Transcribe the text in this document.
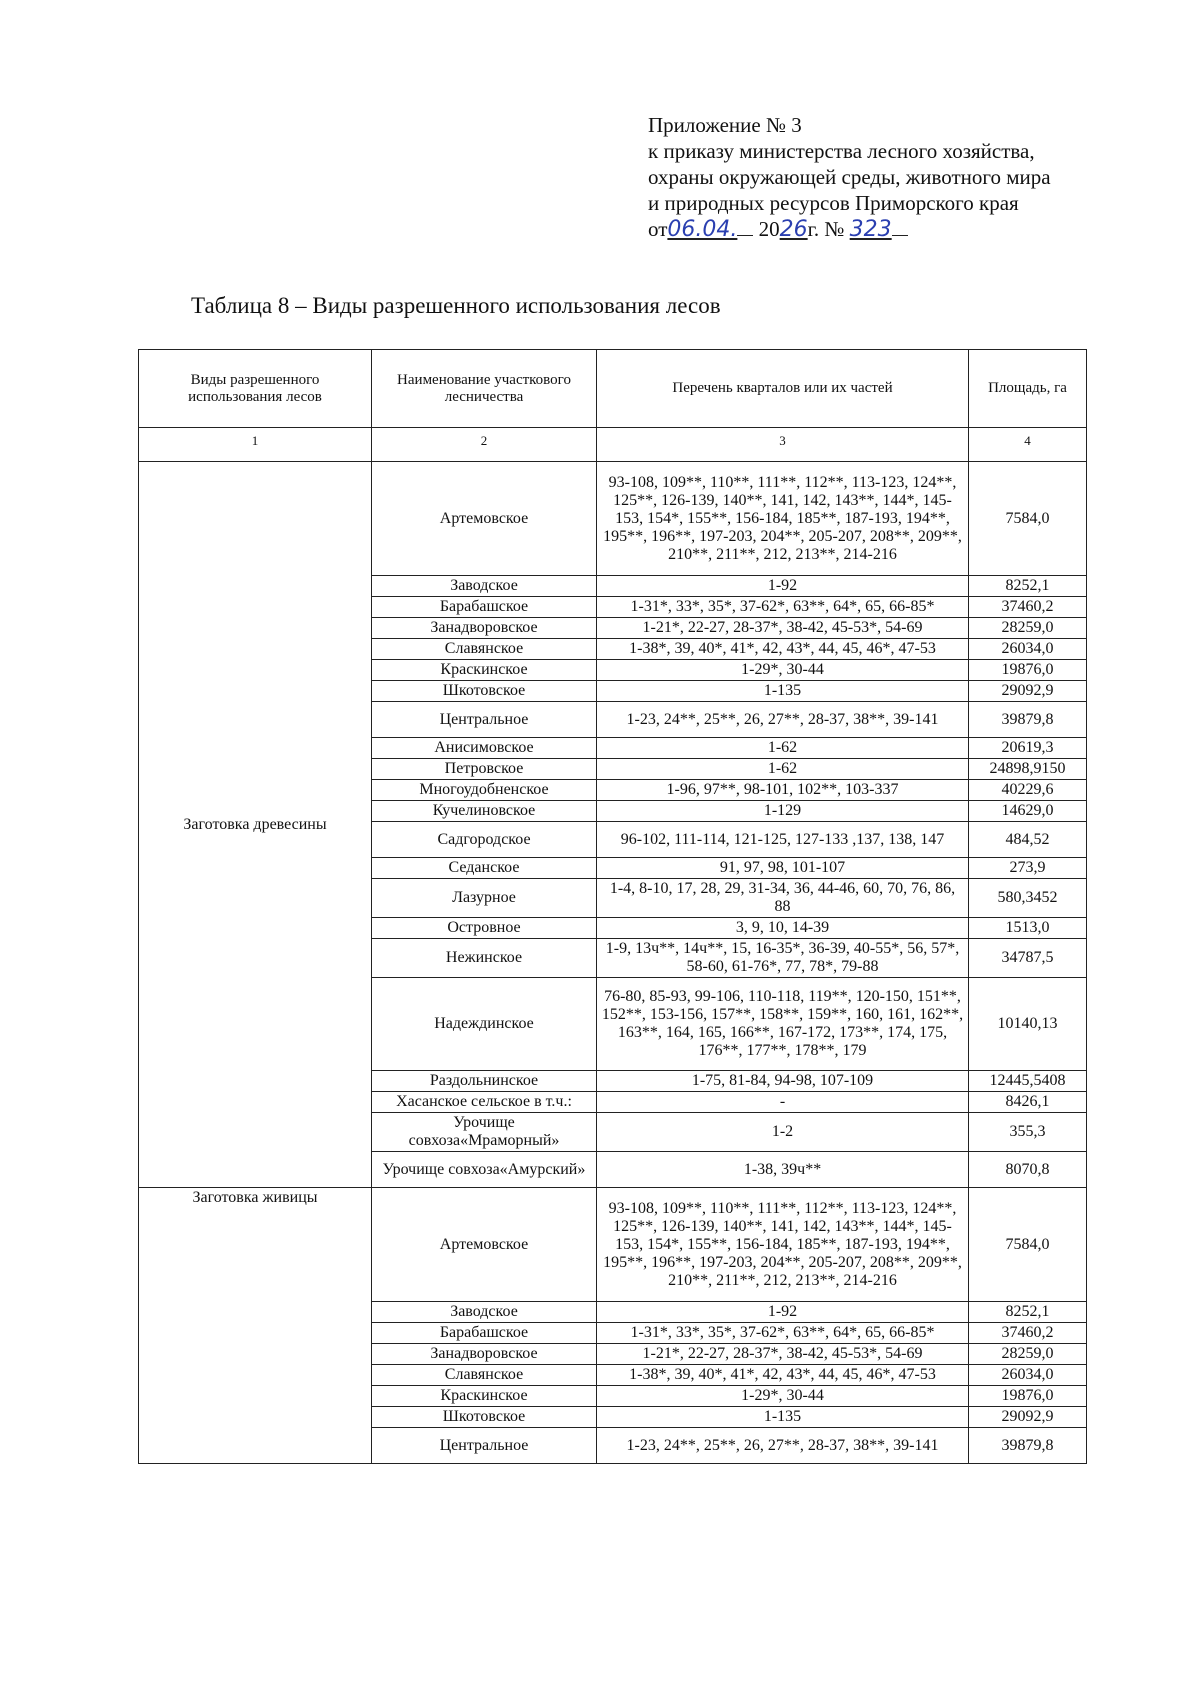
Приложение № 3
к приказу министерства лесного хозяйства,
охраны окружающей среды, животного мира
и природных ресурсов Приморского края
от06.04. 2026г. № 323
Таблица 8 – Виды разрешенного использования лесов
Виды разрешенного использования лесов	Наименование участкового лесничества	Перечень кварталов или их частей	Площадь, га
1	2	3	4
Заготовка древесины	Артемовское	93-108, 109**, 110**, 111**, 112**, 113-123, 124**, 125**, 126-139, 140**, 141, 142, 143**, 144*, 145-153, 154*, 155**, 156-184, 185**, 187-193, 194**, 195**, 196**, 197-203, 204**, 205-207, 208**, 209**, 210**, 211**, 212, 213**, 214-216	7584,0
	Заводское	1-92	8252,1
	Барабашское	1-31*, 33*, 35*, 37-62*, 63**, 64*, 65, 66-85*	37460,2
	Занадворовское	1-21*, 22-27, 28-37*, 38-42, 45-53*, 54-69	28259,0
	Славянское	1-38*, 39, 40*, 41*, 42, 43*, 44, 45, 46*, 47-53	26034,0
	Краскинское	1-29*, 30-44	19876,0
	Шкотовское	1-135	29092,9
	Центральное	1-23, 24**, 25**, 26, 27**, 28-37, 38**, 39-141	39879,8
	Анисимовское	1-62	20619,3
	Петровское	1-62	24898,9150
	Многоудобненское	1-96, 97**, 98-101, 102**, 103-337	40229,6
	Кучелиновское	1-129	14629,0
	Садгородское	96-102, 111-114, 121-125, 127-133 ,137, 138, 147	484,52
	Седанское	91, 97, 98, 101-107	273,9
	Лазурное	1-4, 8-10, 17, 28, 29, 31-34, 36, 44-46, 60, 70, 76, 86, 88	580,3452
	Островное	3, 9, 10, 14-39	1513,0
	Нежинское	1-9, 13ч**, 14ч**, 15, 16-35*, 36-39, 40-55*, 56, 57*, 58-60, 61-76*, 77, 78*, 79-88	34787,5
	Надеждинское	76-80, 85-93, 99-106, 110-118, 119**, 120-150, 151**, 152**, 153-156, 157**, 158**, 159**, 160, 161, 162**, 163**, 164, 165, 166**, 167-172, 173**, 174, 175, 176**, 177**, 178**, 179	10140,13
	Раздольнинское	1-75, 81-84, 94-98, 107-109	12445,5408
	Хасанское сельское в т.ч.:	-	8426,1
	Урочище совхоза«Мраморный»	1-2	355,3
	Урочище совхоза«Амурский»	1-38, 39ч**	8070,8
Заготовка живицы	Артемовское	93-108, 109**, 110**, 111**, 112**, 113-123, 124**, 125**, 126-139, 140**, 141, 142, 143**, 144*, 145-153, 154*, 155**, 156-184, 185**, 187-193, 194**, 195**, 196**, 197-203, 204**, 205-207, 208**, 209**, 210**, 211**, 212, 213**, 214-216	7584,0
	Заводское	1-92	8252,1
	Барабашское	1-31*, 33*, 35*, 37-62*, 63**, 64*, 65, 66-85*	37460,2
	Занадворовское	1-21*, 22-27, 28-37*, 38-42, 45-53*, 54-69	28259,0
	Славянское	1-38*, 39, 40*, 41*, 42, 43*, 44, 45, 46*, 47-53	26034,0
	Краскинское	1-29*, 30-44	19876,0
	Шкотовское	1-135	29092,9
	Центральное	1-23, 24**, 25**, 26, 27**, 28-37, 38**, 39-141	39879,8
